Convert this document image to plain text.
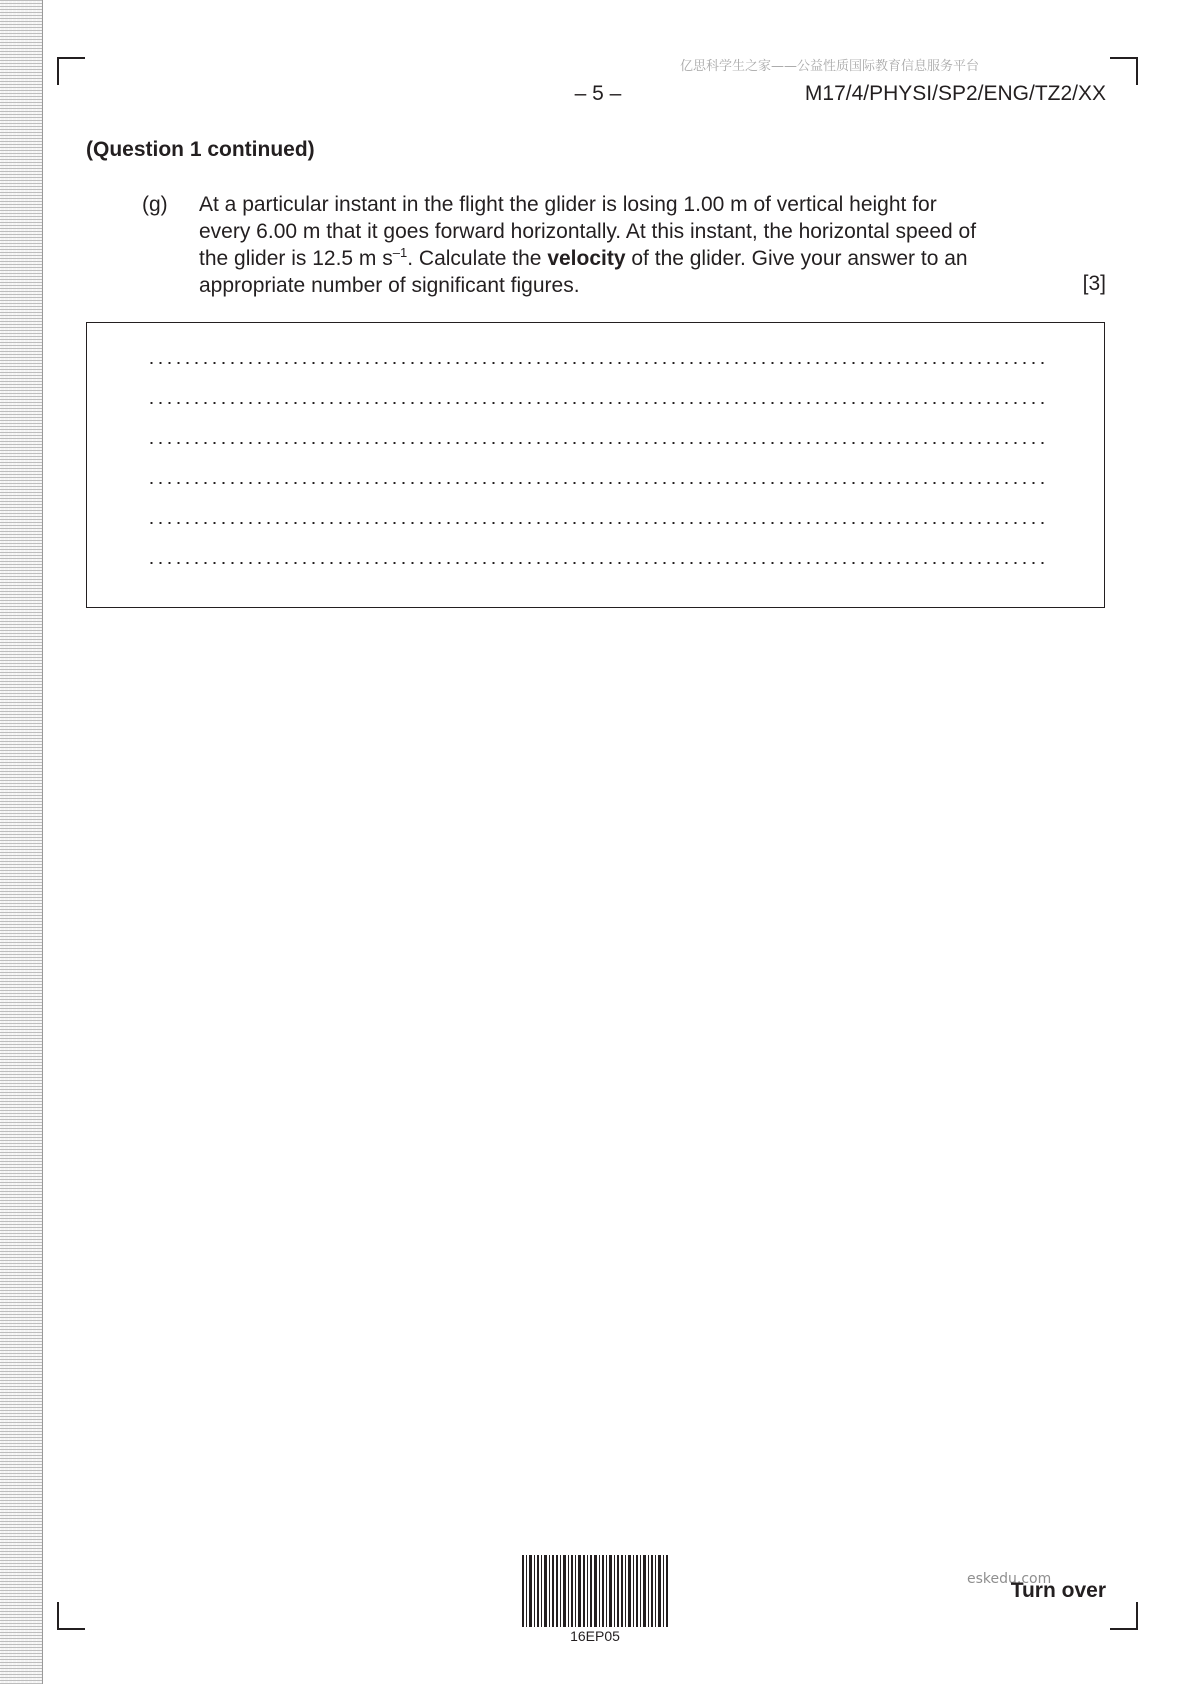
亿思科学生之家——公益性质国际教育信息服务平台
– 5 –	M17/4/PHYSI/SP2/ENG/TZ2/XX
(Question 1 continued)
(g) At a particular instant in the flight the glider is losing 1.00 m of vertical height for
every 6.00 m that it goes forward horizontally. At this instant, the horizontal speed of
the glider is 12.5 m $s^{-1}$. Calculate the velocity of the glider. Give your answer to an
appropriate number of significant figures.	[3]
16EP05
eskedu.com
Turn over
